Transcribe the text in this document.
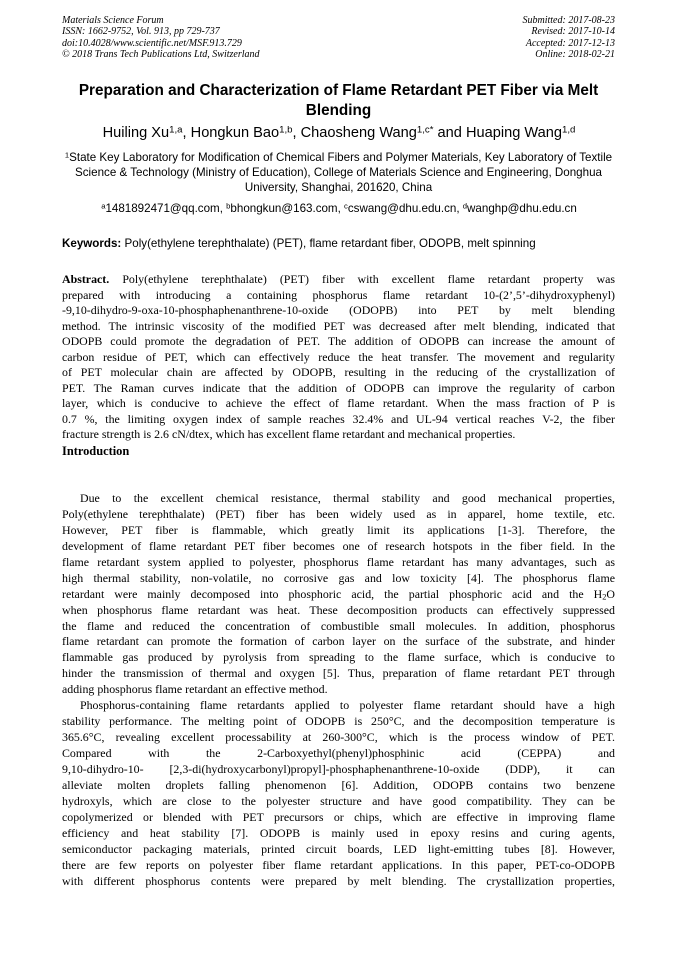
Materials Science Forum
ISSN: 1662-9752, Vol. 913, pp 729-737
doi:10.4028/www.scientific.net/MSF.913.729
© 2018 Trans Tech Publications Ltd, Switzerland
Submitted: 2017-08-23
Revised: 2017-10-14
Accepted: 2017-12-13
Online: 2018-02-21
Preparation and Characterization of Flame Retardant PET Fiber via Melt Blending
Huiling Xu$^{1,a}$, Hongkun Bao$^{1,b}$, Chaosheng Wang$^{1,c*}$ and Huaping Wang$^{1,d}$
$^1$State Key Laboratory for Modification of Chemical Fibers and Polymer Materials, Key Laboratory of Textile Science & Technology (Ministry of Education), College of Materials Science and Engineering, Donghua University, Shanghai, 201620, China
$^a$1481892471@qq.com, $^b$bhongkun@163.com, $^c$cswang@dhu.edu.cn, $^d$wanghp@dhu.edu.cn
Keywords: Poly(ethylene terephthalate) (PET), flame retardant fiber, ODOPB, melt spinning
Abstract. Poly(ethylene terephthalate) (PET) fiber with excellent flame retardant property was
prepared with introducing a containing phosphorus flame retardant 10-(2’,5’-dihydroxyphenyl)
-9,10-dihydro-9-oxa-10-phosphaphenanthrene-10-oxide (ODOPB) into PET by melt blending
method. The intrinsic viscosity of the modified PET was decreased after melt blending, indicated that
ODOPB could promote the degradation of PET. The addition of ODOPB can increase the amount of
carbon residue of PET, which can effectively reduce the heat transfer. The movement and regularity
of PET molecular chain are affected by ODOPB, resulting in the reducing of the crystallization of
PET. The Raman curves indicate that the addition of ODOPB can improve the regularity of carbon
layer, which is conducive to achieve the effect of flame retardant. When the mass fraction of P is
0.7 %, the limiting oxygen index of sample reaches 32.4% and UL-94 vertical reaches V-2, the fiber
fracture strength is 2.6 cN/dtex, which has excellent flame retardant and mechanical properties.
Introduction
Due to the excellent chemical resistance, thermal stability and good mechanical properties,
Poly(ethylene terephthalate) (PET) fiber has been widely used as in apparel, home textile, etc.
However, PET fiber is flammable, which greatly limit its applications [1-3]. Therefore, the
development of flame retardant PET fiber becomes one of research hotspots in the fiber field. In the
flame retardant system applied to polyester, phosphorus flame retardant has many advantages, such as
high thermal stability, non-volatile, no corrosive gas and low toxicity [4]. The phosphorus flame
retardant were mainly decomposed into phosphoric acid, the partial phosphoric acid and the $H_2O$
when phosphorus flame retardant was heat. These decomposition products can effectively suppressed
the flame and reduced the concentration of combustible small molecules. In addition, phosphorus
flame retardant can promote the formation of carbon layer on the surface of the substrate, and hinder
flammable gas produced by pyrolysis from spreading to the flame surface, which is conducive to
hinder the transmission of thermal and oxygen [5]. Thus, preparation of flame retardant PET through
adding phosphorus flame retardant an effective method.
Phosphorus-containing flame retardants applied to polyester flame retardant should have a high
stability performance. The melting point of ODOPB is 250°C, and the decomposition temperature is
365.6°C, revealing excellent processability at 260-300°C, which is the process window of PET.
Compared with the 2-Carboxyethyl(phenyl)phosphinic acid (CEPPA) and
9,10-dihydro-10- [2,3-di(hydroxycarbonyl)propyl]-phosphaphenanthrene-10-oxide (DDP), it can
alleviate molten droplets falling phenomenon [6]. Addition, ODOPB contains two benzene
hydroxyls, which are close to the polyester structure and have good compatibility. They can be
copolymerized or blended with PET precursors or chips, which are effective in improving flame
efficiency and heat stability [7]. ODOPB is mainly used in epoxy resins and curing agents,
semiconductor packaging materials, printed circuit boards, LED light-emitting tubes [8]. However,
there are few reports on polyester fiber flame retardant applications. In this paper, PET-co-ODOPB
with different phosphorus contents were prepared by melt blending. The crystallization properties,
